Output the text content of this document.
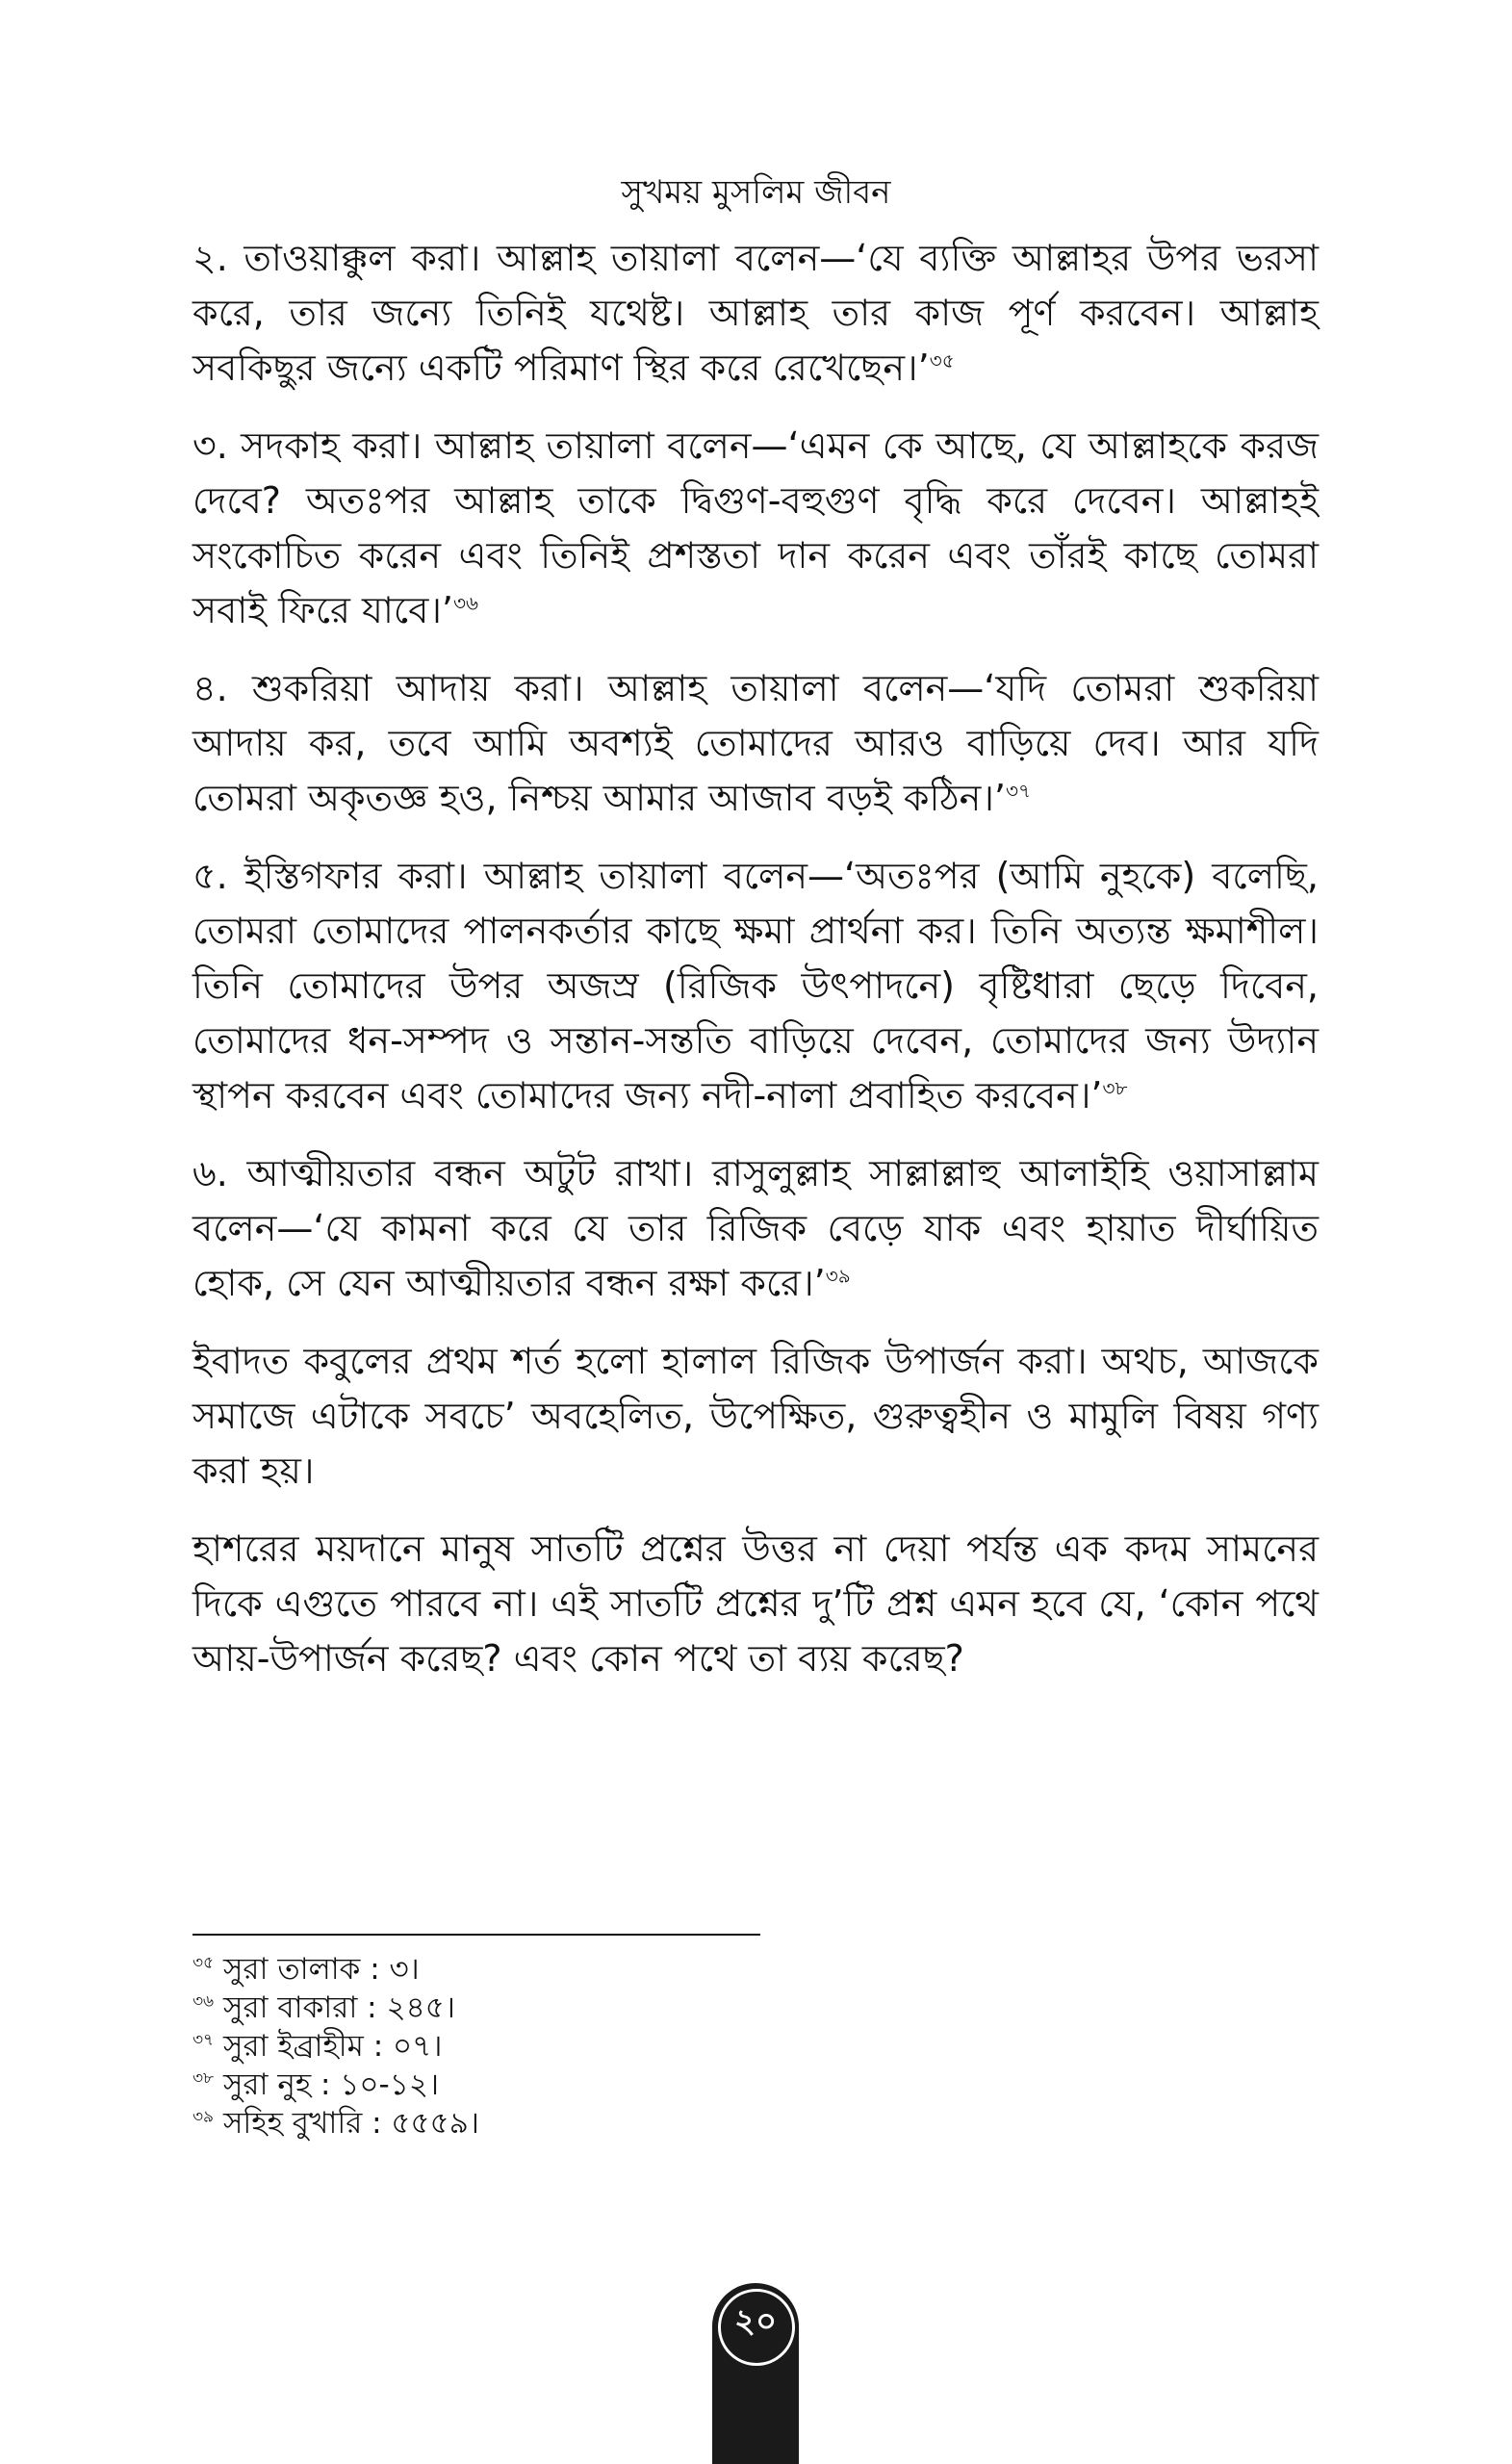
সুখময় মুসলিম জীবন

২. তাওয়াক্কুল করা। আল্লাহ তায়ালা বলেন—‘যে ব্যক্তি আল্লাহর উপর ভরসা করে, তার জন্যে তিনিই যথেষ্ট। আল্লাহ তার কাজ পূর্ণ করবেন। আল্লাহ সবকিছুর জন্যে একটি পরিমাণ স্থির করে রেখেছেন।’$^{৩৫}$

৩. সদকাহ করা। আল্লাহ তায়ালা বলেন—‘এমন কে আছে, যে আল্লাহকে করজ দেবে? অতঃপর আল্লাহ তাকে দ্বিগুণ-বহুগুণ বৃদ্ধি করে দেবেন। আল্লাহই সংকোচিত করেন এবং তিনিই প্রশস্ততা দান করেন এবং তাঁরই কাছে তোমরা সবাই ফিরে যাবে।’$^{৩৬}$

৪. শুকরিয়া আদায় করা। আল্লাহ তায়ালা বলেন—‘যদি তোমরা শুকরিয়া আদায় কর, তবে আমি অবশ্যই তোমাদের আরও বাড়িয়ে দেব। আর যদি তোমরা অকৃতজ্ঞ হও, নিশ্চয় আমার আজাব বড়ই কঠিন।’$^{৩৭}$

৫. ইস্তিগফার করা। আল্লাহ তায়ালা বলেন—‘অতঃপর (আমি নুহকে) বলেছি, তোমরা তোমাদের পালনকর্তার কাছে ক্ষমা প্রার্থনা কর। তিনি অত্যন্ত ক্ষমাশীল। তিনি তোমাদের উপর অজস্র (রিজিক উৎপাদনে) বৃষ্টিধারা ছেড়ে দিবেন, তোমাদের ধন-সম্পদ ও সন্তান-সন্ততি বাড়িয়ে দেবেন, তোমাদের জন্য উদ্যান স্থাপন করবেন এবং তোমাদের জন্য নদী-নালা প্রবাহিত করবেন।’$^{৩৮}$

৬. আত্মীয়তার বন্ধন অটুট রাখা। রাসুলুল্লাহ সাল্লাল্লাহু আলাইহি ওয়াসাল্লাম বলেন—‘যে কামনা করে যে তার রিজিক বেড়ে যাক এবং হায়াত দীর্ঘায়িত হোক, সে যেন আত্মীয়তার বন্ধন রক্ষা করে।’$^{৩৯}$

ইবাদত কবুলের প্রথম শর্ত হলো হালাল রিজিক উপার্জন করা। অথচ, আজকে সমাজে এটাকে সবচে’ অবহেলিত, উপেক্ষিত, গুরুত্বহীন ও মামুলি বিষয় গণ্য করা হয়।

হাশরের ময়দানে মানুষ সাতটি প্রশ্নের উত্তর না দেয়া পর্যন্ত এক কদম সামনের দিকে এগুতে পারবে না। এই সাতটি প্রশ্নের দু’টি প্রশ্ন এমন হবে যে, ‘কোন পথে আয়-উপার্জন করেছ? এবং কোন পথে তা ব্যয় করেছ?

$^{৩৫}$ সুরা তালাক : ৩।

$^{৩৬}$ সুরা বাকারা : ২৪৫।

$^{৩৭}$ সুরা ইব্রাহীম : ০৭।

$^{৩৮}$ সুরা নুহ : ১০-১২।

$^{৩৯}$ সহিহ বুখারি : ৫৫৫৯।

২০
